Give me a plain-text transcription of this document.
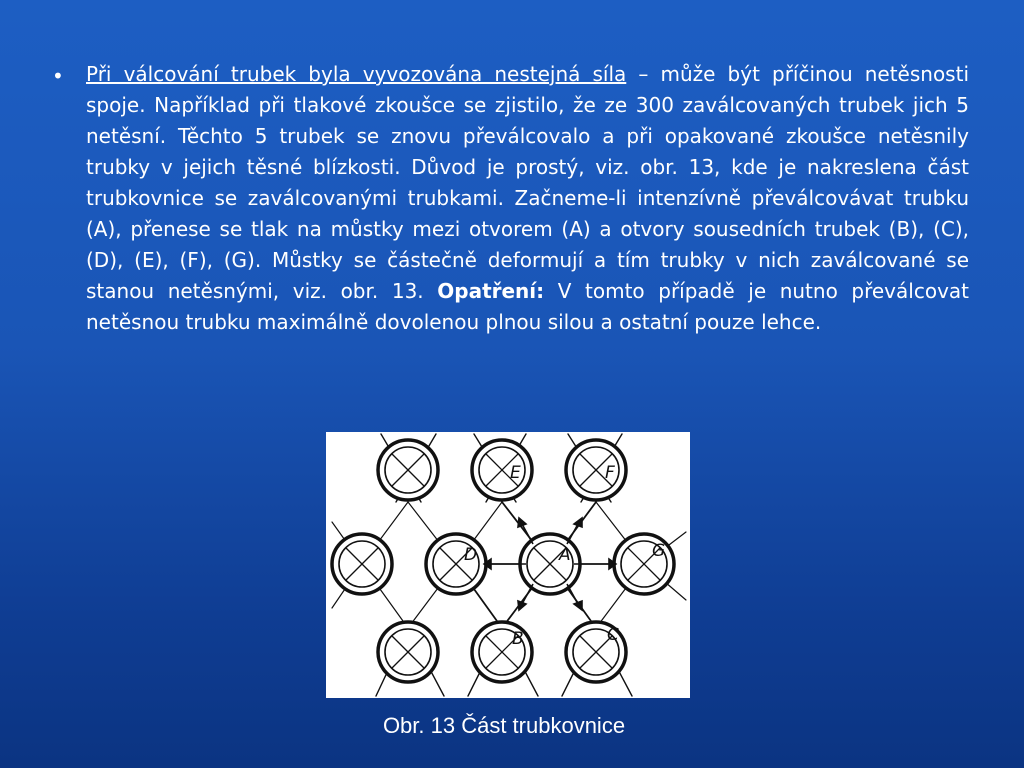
• Při válcování trubek byla vyvozována nestejná síla – může být příčinou netěsnosti spoje. Například při tlakové zkoušce se zjistilo, že ze 300 zaválcovaných trubek jich 5 netěsní. Těchto 5 trubek se znovu převálcovalo a při opakované zkoušce netěsnily trubky v jejich těsné blízkosti. Důvod je prostý, viz. obr. 13, kde je nakreslena část trubkovnice se zaválcovanými trubkami. Začneme-li intenzívně převálcovávat trubku (A), přenese se tlak na můstky mezi otvorem (A) a otvory sousedních trubek (B), (C), (D), (E), (F), (G). Můstky se částečně deformují a tím trubky v nich zaválcované se stanou netěsnými, viz. obr. 13. Opatření: V tomto případě je nutno převálcovat netěsnou trubku maximálně dovolenou plnou silou a ostatní pouze lehce.
E	F
D	A	G
B	C
Obr. 13 Část trubkovnice
